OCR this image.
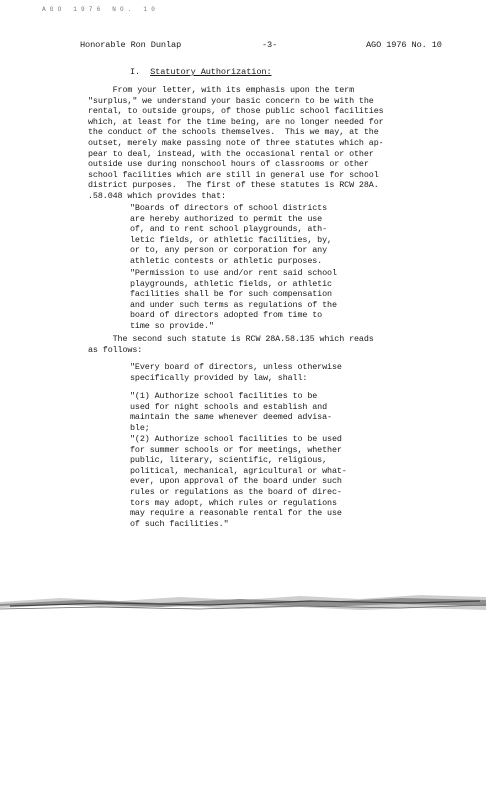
A G O   1 9 7 6   N O .   1 0
Honorable Ron Dunlap	-3-	AGO 1976 No. 10
I. Statutory Authorization:
From your letter, with its emphasis upon the term
"surplus," we understand your basic concern to be with the
rental, to outside groups, of those public school facilities
which, at least for the time being, are no longer needed for
the conduct of the schools themselves.  This we may, at the
outset, merely make passing note of three statutes which ap-
pear to deal, instead, with the occasional rental or other
outside use during nonschool hours of classrooms or other
school facilities which are still in general use for school
district purposes.  The first of these statutes is RCW 28A.
.58.048 which provides that:
"Boards of directors of school districts
are hereby authorized to permit the use
of, and to rent school playgrounds, ath-
letic fields, or athletic facilities, by,
or to, any person or corporation for any
athletic contests or athletic purposes.
"Permission to use and/or rent said school
playgrounds, athletic fields, or athletic
facilities shall be for such compensation
and under such terms as regulations of the
board of directors adopted from time to
time so provide."
The second such statute is RCW 28A.58.135 which reads
as follows:
"Every board of directors, unless otherwise
specifically provided by law, shall:
"(1) Authorize school facilities to be
used for night schools and establish and
maintain the same whenever deemed advisa-
ble;
"(2) Authorize school facilities to be used
for summer schools or for meetings, whether
public, literary, scientific, religious,
political, mechanical, agricultural or what-
ever, upon approval of the board under such
rules or regulations as the board of direc-
tors may adopt, which rules or regulations
may require a reasonable rental for the use
of such facilities."
